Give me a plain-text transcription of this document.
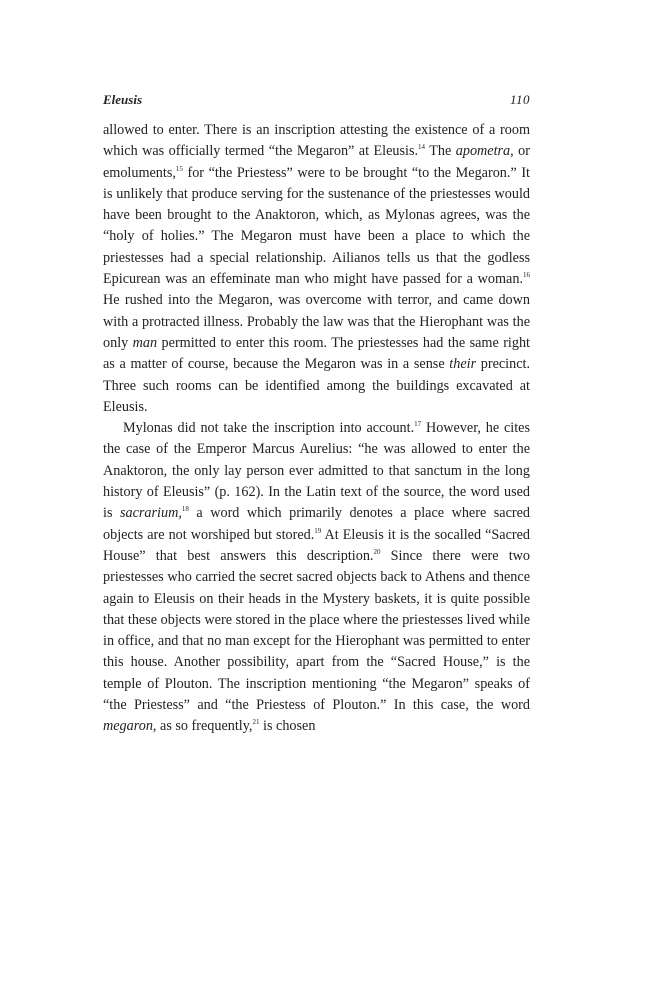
Eleusis	110

allowed to enter. There is an inscription attesting the existence of a room which was officially termed “the Megaron” at Eleusis.$^{14}$ The apometra, or emoluments,$^{15}$ for “the Priestess” were to be brought “to the Megaron.” It is unlikely that produce serving for the sustenance of the priestesses would have been brought to the Anaktoron, which, as Mylonas agrees, was the “holy of holies.” The Megaron must have been a place to which the priestesses had a special relationship. Ailianos tells us that the godless Epicurean was an effeminate man who might have passed for a woman.$^{16}$ He rushed into the Megaron, was overcome with terror, and came down with a protracted illness. Probably the law was that the Hierophant was the only man permitted to enter this room. The priestesses had the same right as a matter of course, because the Megaron was in a sense their precinct. Three such rooms can be identified among the buildings excavated at Eleusis.

Mylonas did not take the inscription into account.$^{17}$ However, he cites the case of the Emperor Marcus Aurelius: “he was allowed to enter the Anaktoron, the only lay person ever admitted to that sanctum in the long history of Eleusis” (p. 162). In the Latin text of the source, the word used is sacrarium,$^{18}$ a word which primarily denotes a place where sacred objects are not worshiped but stored.$^{19}$ At Eleusis it is the socalled “Sacred House” that best answers this description.$^{20}$ Since there were two priestesses who carried the secret sacred objects back to Athens and thence again to Eleusis on their heads in the Mystery baskets, it is quite possible that these objects were stored in the place where the priestesses lived while in office, and that no man except for the Hierophant was permitted to enter this house. Another possibility, apart from the “Sacred House,” is the temple of Plouton. The inscription mentioning “the Megaron” speaks of “the Priestess” and “the Priestess of Plouton.” In this case, the word megaron, as so frequently,$^{21}$ is chosen
